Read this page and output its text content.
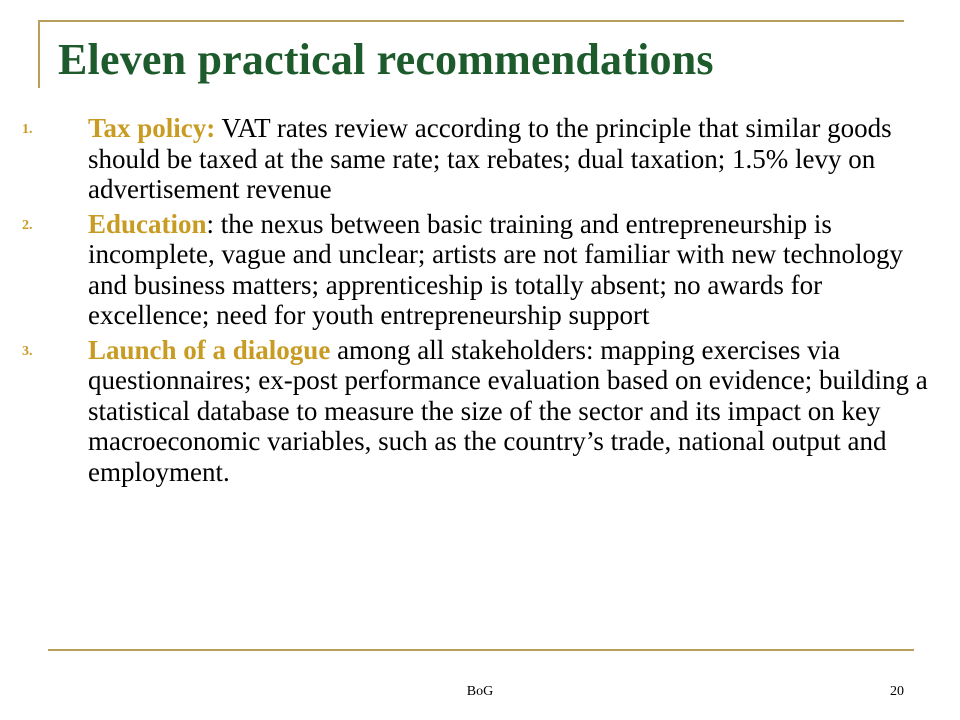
Eleven practical recommendations
1. Tax policy: VAT rates review according to the principle that similar goods should be taxed at the same rate; tax rebates; dual taxation; 1.5% levy on advertisement revenue
2. Education: the nexus between basic training and entrepreneurship is incomplete, vague and unclear; artists are not familiar with new technology and business matters; apprenticeship is totally absent; no awards for excellence; need for youth entrepreneurship support
3. Launch of a dialogue among all stakeholders: mapping exercises via questionnaires; ex-post performance evaluation based on evidence; building a statistical database to measure the size of the sector and its impact on key macroeconomic variables, such as the country’s trade, national output and employment.
BoG	20
